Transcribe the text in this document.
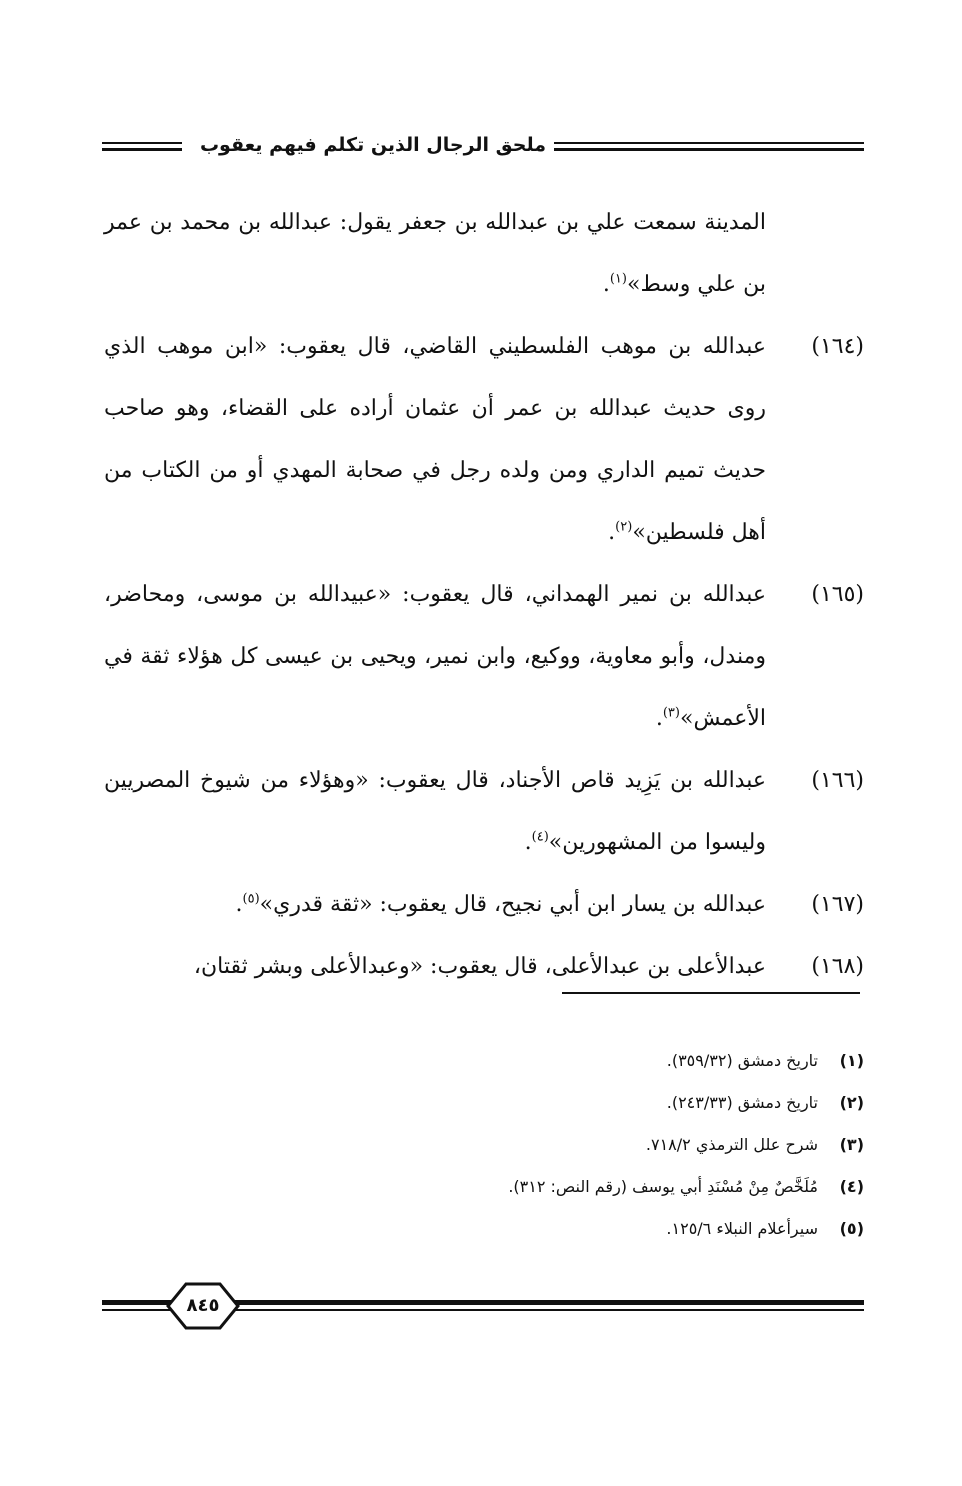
ملحق الرجال الذين تكلم فيهم يعقوب
المدينة سمعت علي بن عبدالله بن جعفر يقول: عبدالله بن محمد بن عمر بن علي وسط»$^{(١)}$.
(١٦٤)
عبدالله بن موهب الفلسطيني القاضي، قال يعقوب: «ابن موهب الذي روى حديث عبدالله بن عمر أن عثمان أراده على القضاء، وهو صاحب حديث تميم الداري ومن ولده رجل في صحابة المهدي أو من الكتاب من أهل فلسطين»$^{(٢)}$.
(١٦٥)
عبدالله بن نمير الهمداني، قال يعقوب: «عبيدالله بن موسى، ومحاضر، ومندل، وأبو معاوية، ووكيع، وابن نمير، ويحيى بن عيسى كل هؤلاء ثقة في الأعمش»$^{(٣)}$.
(١٦٦)
عبدالله بن يَزِيد قاص الأجناد، قال يعقوب: «وهؤلاء من شيوخ المصريين وليسوا من المشهورين»$^{(٤)}$.
(١٦٧)
عبدالله بن يسار ابن أبي نجيح، قال يعقوب: «ثقة قدري»$^{(٥)}$.
(١٦٨)
عبدالأعلى بن عبدالأعلى، قال يعقوب: «وعبدالأعلى وبشر ثقتان،
(١)
تاريخ دمشق (٣٥٩/٣٢).
(٢)
تاريخ دمشق (٢٤٣/٣٣).
(٣)
شرح علل الترمذي ٧١٨/٢.
(٤)
مُلَخَّصٌ مِنْ مُسْنَدِ أبي يوسف (رقم النص: ٣١٢).
(٥)
سيرأعلام النبلاء ١٢٥/٦.
٨٤٥
